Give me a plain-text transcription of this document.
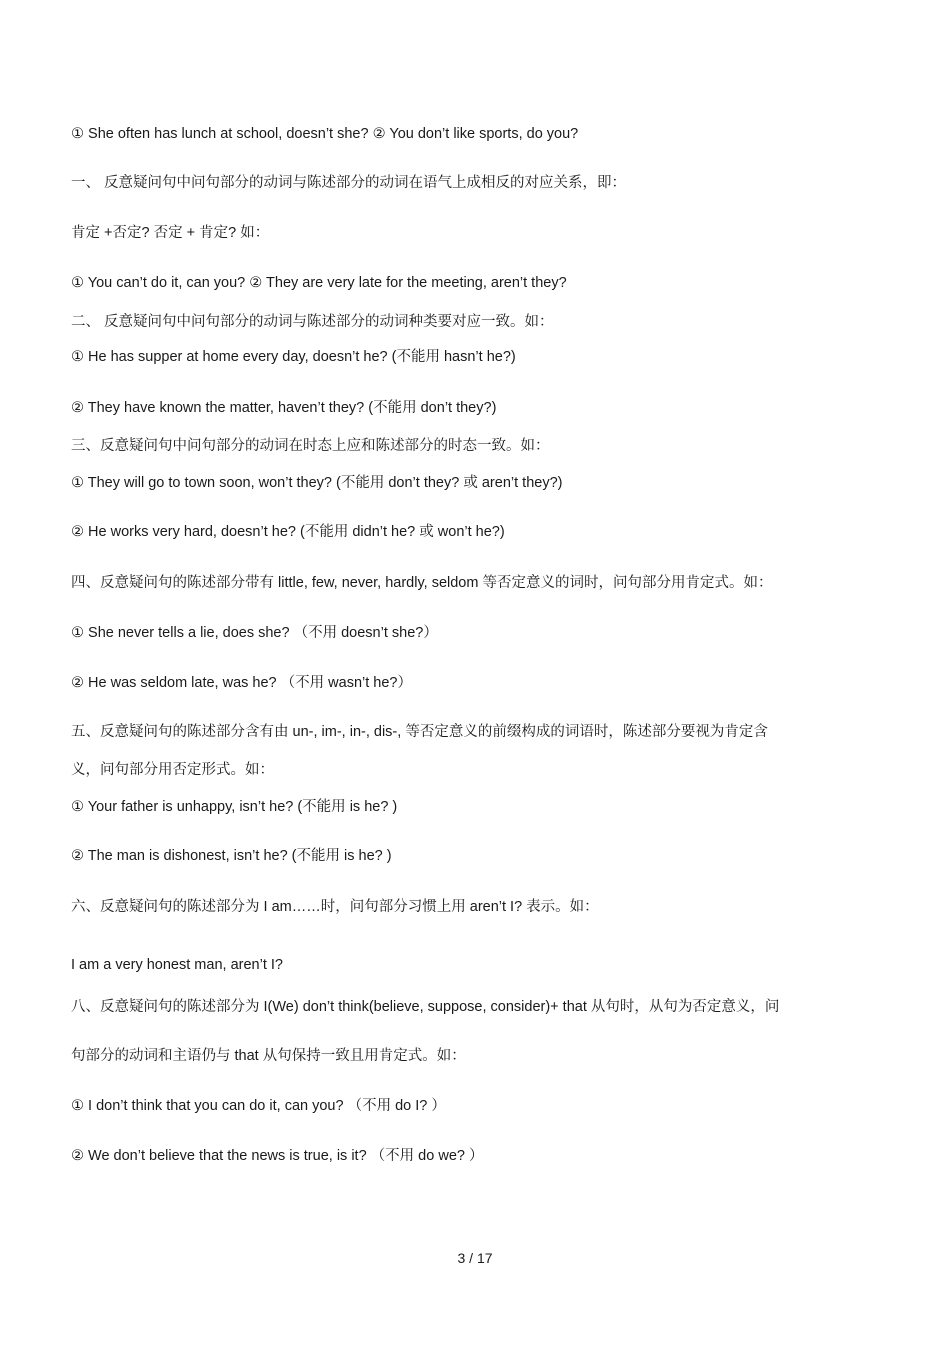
① She often has lunch at school, doesn’t she? ② You don’t like sports, do you?
一、 反意疑问句中问句部分的动词与陈述部分的动词在语气上成相反的对应关系，即：
肯定 +否定? 否定 + 肯定? 如：
① You can’t do it, can you? ② They are very late for the meeting, aren’t they?
二、 反意疑问句中问句部分的动词与陈述部分的动词种类要对应一致。如：
① He has supper at home every day, doesn’t he? (不能用 hasn’t he?)
② They have known the matter, haven’t they? (不能用 don’t they?)
三、反意疑问句中问句部分的动词在时态上应和陈述部分的时态一致。如：
① They will go to town soon, won’t they? (不能用 don’t they? 或 aren’t they?)
② He works very hard, doesn’t he? (不能用 didn’t he? 或 won’t he?)
四、反意疑问句的陈述部分带有 little, few, never, hardly, seldom 等否定意义的词时，问句部分用肯定式。如：
① She never tells a lie, does she? （不用 doesn’t she?）
② He was seldom late, was he? （不用 wasn’t he?）
五、反意疑问句的陈述部分含有由 un-, im-, in-, dis-, 等否定意义的前缀构成的词语时，陈述部分要视为肯定含
义，问句部分用否定形式。如：
① Your father is unhappy, isn’t he? (不能用 is he? )
② The man is dishonest, isn’t he? (不能用 is he? )
六、反意疑问句的陈述部分为 I am……时，问句部分习惯上用 aren’t I? 表示。如：
I am a very honest man, aren’t I?
八、反意疑问句的陈述部分为 I(We) don’t think(believe, suppose, consider)+ that 从句时，从句为否定意义，问
句部分的动词和主语仍与 that 从句保持一致且用肯定式。如：
① I don’t think that you can do it, can you? （不用 do I? ）
② We don’t believe that the news is true, is it? （不用 do we? ）
3 / 17
